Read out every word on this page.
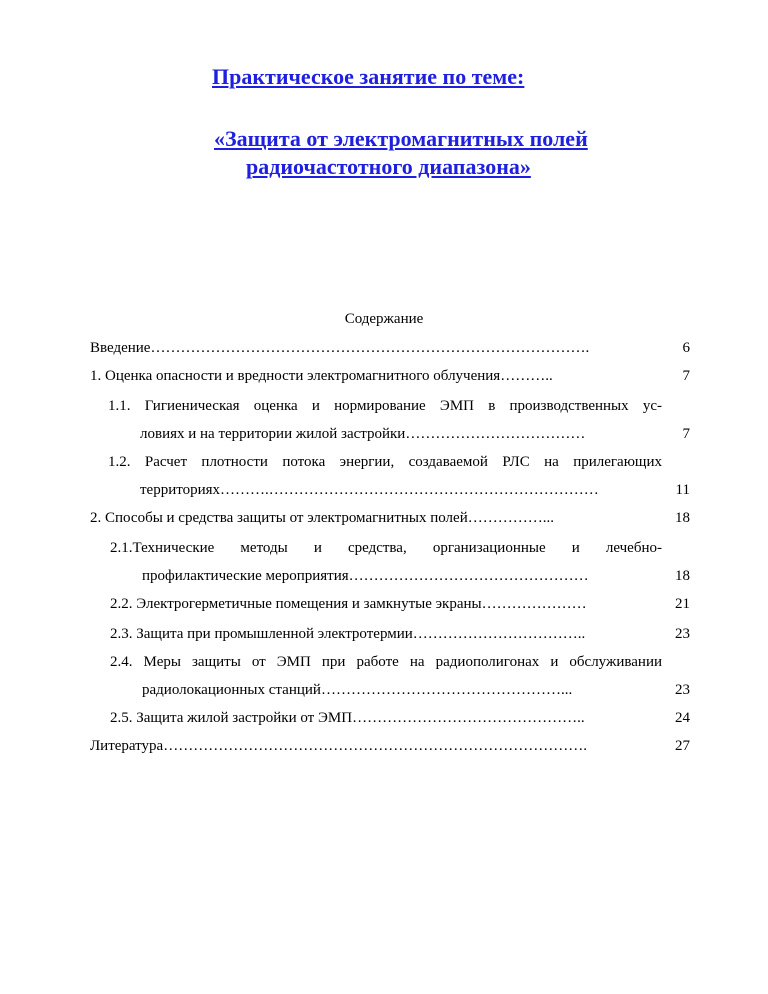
Практическое занятие по теме:

«Защита от электромагнитных полей

радиочастотного диапазона»

Содержание
Введение …………………………………………………………………………….	6
1. Оценка опасности и вредности электромагнитного облучения ………..	7
1.1. Гигиеническая оценка и нормирование ЭМП в производственных ус-
ловиях и на территории жилой застройки ………………………………	7
1.2. Расчет плотности потока энергии, создаваемой РЛС на прилегающих
территориях ……….…………………………………………………………	11
2. Способы и средства защиты от электромагнитных полей ……………...	18
2.1.Технические методы и средства, организационные и лечебно-
профилактические мероприятия …………………………………………	18
2.2. Электрогерметичные помещения и замкнутые экраны …………………	21
2.3. Защита при промышленной электротермии ……………………………..	23
2.4. Меры защиты от ЭМП при работе на радиополигонах и обслуживании
радиолокационных станций …………………………………………...	23
2.5. Защита жилой застройки от ЭМП ………………………………………..	24
Литература ………………………………………………………………………….	27
